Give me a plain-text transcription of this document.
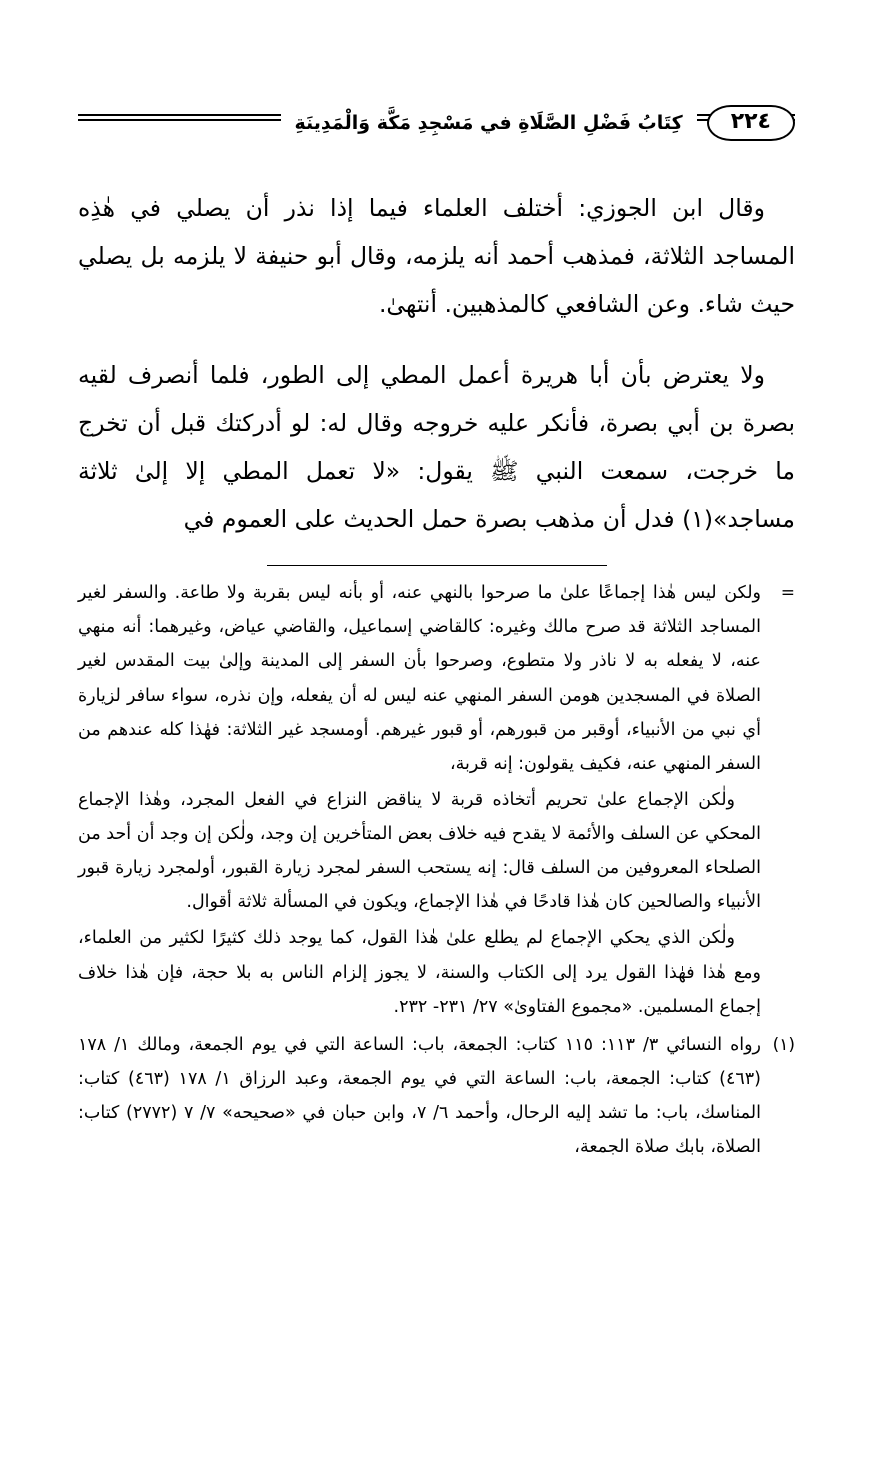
٢٢٤
كِتَابُ فَضْلِ الصَّلَاةِ في مَسْجِدِ مَكَّة وَالْمَدِينَةِ

وقال ابن الجوزي: أختلف العلماء فيما إذا نذر أن يصلي في هٰذِه المساجد الثلاثة، فمذهب أحمد أنه يلزمه، وقال أبو حنيفة لا يلزمه بل يصلي حيث شاء. وعن الشافعي كالمذهبين. أنتهىٰ.

ولا يعترض بأن أبا هريرة أعمل المطي إلى الطور، فلما أنصرف لقيه بصرة بن أبي بصرة، فأنكر عليه خروجه وقال له: لو أدركتك قبل أن تخرج ما خرجت، سمعت النبي ﷺ يقول: «لا تعمل المطي إلا إلىٰ ثلاثة مساجد»(١) فدل أن مذهب بصرة حمل الحديث على العموم في

=

ولكن ليس هٰذا إجماعًا علىٰ ما صرحوا بالنهي عنه، أو بأنه ليس بقربة ولا طاعة. والسفر لغير المساجد الثلاثة قد صرح مالك وغيره: كالقاضي إسماعيل، والقاضي عياض، وغيرهما: أنه منهي عنه، لا يفعله به لا ناذر ولا متطوع، وصرحوا بأن السفر إلى المدينة وإلىٰ بيت المقدس لغير الصلاة في المسجدين هومن السفر المنهي عنه ليس له أن يفعله، وإن نذره، سواء سافر لزيارة أي نبي من الأنبياء، أوقبر من قبورهم، أو قبور غيرهم. أومسجد غير الثلاثة: فهٰذا كله عندهم من السفر المنهي عنه، فكيف يقولون: إنه قربة،

ولٰكن الإجماع علىٰ تحريم أتخاذه قربة لا يناقض النزاع في الفعل المجرد، وهٰذا الإجماع المحكي عن السلف والأئمة لا يقدح فيه خلاف بعض المتأخرين إن وجد، ولٰكن إن وجد أن أحد من الصلحاء المعروفين من السلف قال: إنه يستحب السفر لمجرد زيارة القبور، أولمجرد زيارة قبور الأنبياء والصالحين كان هٰذا قادحًا في هٰذا الإجماع، ويكون في المسألة ثلاثة أقوال.

ولٰكن الذي يحكي الإجماع لم يطلع علىٰ هٰذا القول، كما يوجد ذلك كثيرًا لكثير من العلماء، ومع هٰذا فهٰذا القول يرد إلى الكتاب والسنة، لا يجوز إلزام الناس به بلا حجة، فإن هٰذا خلاف إجماع المسلمين. «مجموع الفتاوىٰ» ٢٧/ ٢٣١- ٢٣٢.

(١)

رواه النسائي ٣/ ١١٣: ١١٥ كتاب: الجمعة، باب: الساعة التي في يوم الجمعة، ومالك ١/ ١٧٨ (٤٦٣) كتاب: الجمعة، باب: الساعة التي في يوم الجمعة، وعبد الرزاق ١/ ١٧٨ (٤٦٣) كتاب: المناسك، باب: ما تشد إليه الرحال، وأحمد ٦/ ٧، وابن حبان في «صحيحه» ٧/ ٧ (٢٧٧٢) كتاب: الصلاة، بابك صلاة الجمعة،
